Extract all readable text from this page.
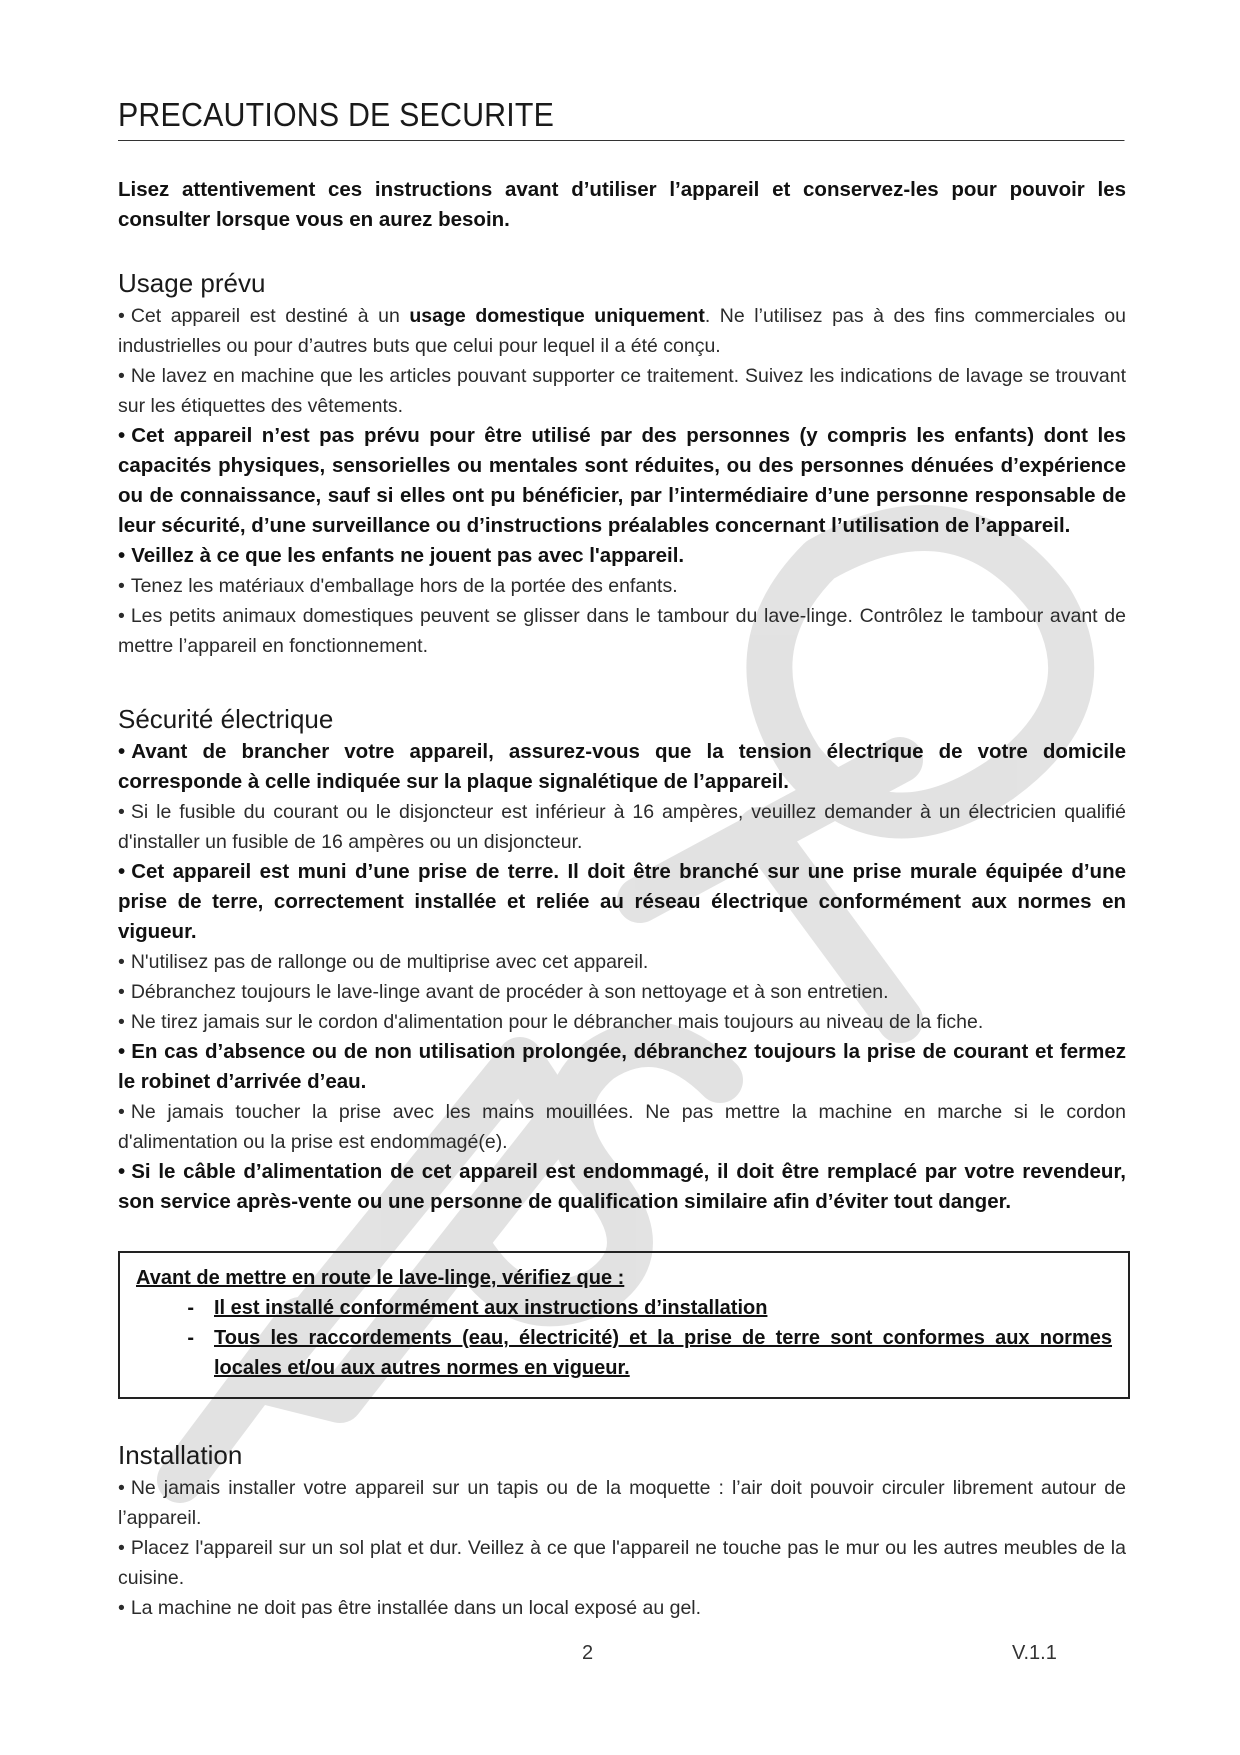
PRECAUTIONS DE SECURITE

Lisez attentivement ces instructions avant d’utiliser l’appareil et conservez-les pour pouvoir les consulter lorsque vous en aurez besoin.

Usage prévu
• Cet appareil est destiné à un usage domestique uniquement. Ne l’utilisez pas à des fins commerciales ou industrielles ou pour d’autres buts que celui pour lequel il a été conçu.
• Ne lavez en machine que les articles pouvant supporter ce traitement. Suivez les indications de lavage se trouvant sur les étiquettes des vêtements.
• Cet appareil n’est pas prévu pour être utilisé par des personnes (y compris les enfants) dont les capacités physiques, sensorielles ou mentales sont réduites, ou des personnes dénuées d’expérience ou de connaissance, sauf si elles ont pu bénéficier, par l’intermédiaire d’une personne responsable de leur sécurité, d’une surveillance ou d’instructions préalables concernant l’utilisation de l’appareil.
• Veillez à ce que les enfants ne jouent pas avec l'appareil.
• Tenez les matériaux d'emballage hors de la portée des enfants.
• Les petits animaux domestiques peuvent se glisser dans le tambour du lave-linge. Contrôlez le tambour avant de mettre l’appareil en fonctionnement.
Sécurité électrique
• Avant de brancher votre appareil, assurez-vous que la tension électrique de votre domicile corresponde à celle indiquée sur la plaque signalétique de l’appareil.
• Si le fusible du courant ou le disjoncteur est inférieur à 16 ampères, veuillez demander à un électricien qualifié d'installer un fusible de 16 ampères ou un disjoncteur.
• Cet appareil est muni d’une prise de terre. Il doit être branché sur une prise murale équipée d’une prise de terre, correctement installée et reliée au réseau électrique conformément aux normes en vigueur.
• N'utilisez pas de rallonge ou de multiprise avec cet appareil.
• Débranchez toujours le lave-linge avant de procéder à son nettoyage et à son entretien.
• Ne tirez jamais sur le cordon d'alimentation pour le débrancher mais toujours au niveau de la fiche.
• En cas d’absence ou de non utilisation prolongée, débranchez toujours la prise de courant et fermez le robinet d’arrivée d’eau.
• Ne jamais toucher la prise avec les mains mouillées. Ne pas mettre la machine en marche si le cordon d'alimentation ou la prise est endommagé(e).
• Si le câble d’alimentation de cet appareil est endommagé, il doit être remplacé par votre revendeur, son service après-vente ou une personne de qualification similaire afin d’éviter tout danger.
Avant de mettre en route le lave-linge, vérifiez que :
-	Il est installé conformément aux instructions d’installation
-	Tous les raccordements (eau, électricité) et la prise de terre sont conformes aux normes locales et/ou aux autres normes en vigueur.
Installation
• Ne jamais installer votre appareil sur un tapis ou de la moquette : l’air doit pouvoir circuler librement autour de l’appareil.
• Placez l'appareil sur un sol plat et dur. Veillez à ce que l'appareil ne touche pas le mur ou les autres meubles de la cuisine.
• La machine ne doit pas être installée dans un local exposé au gel.
2	V.1.1
